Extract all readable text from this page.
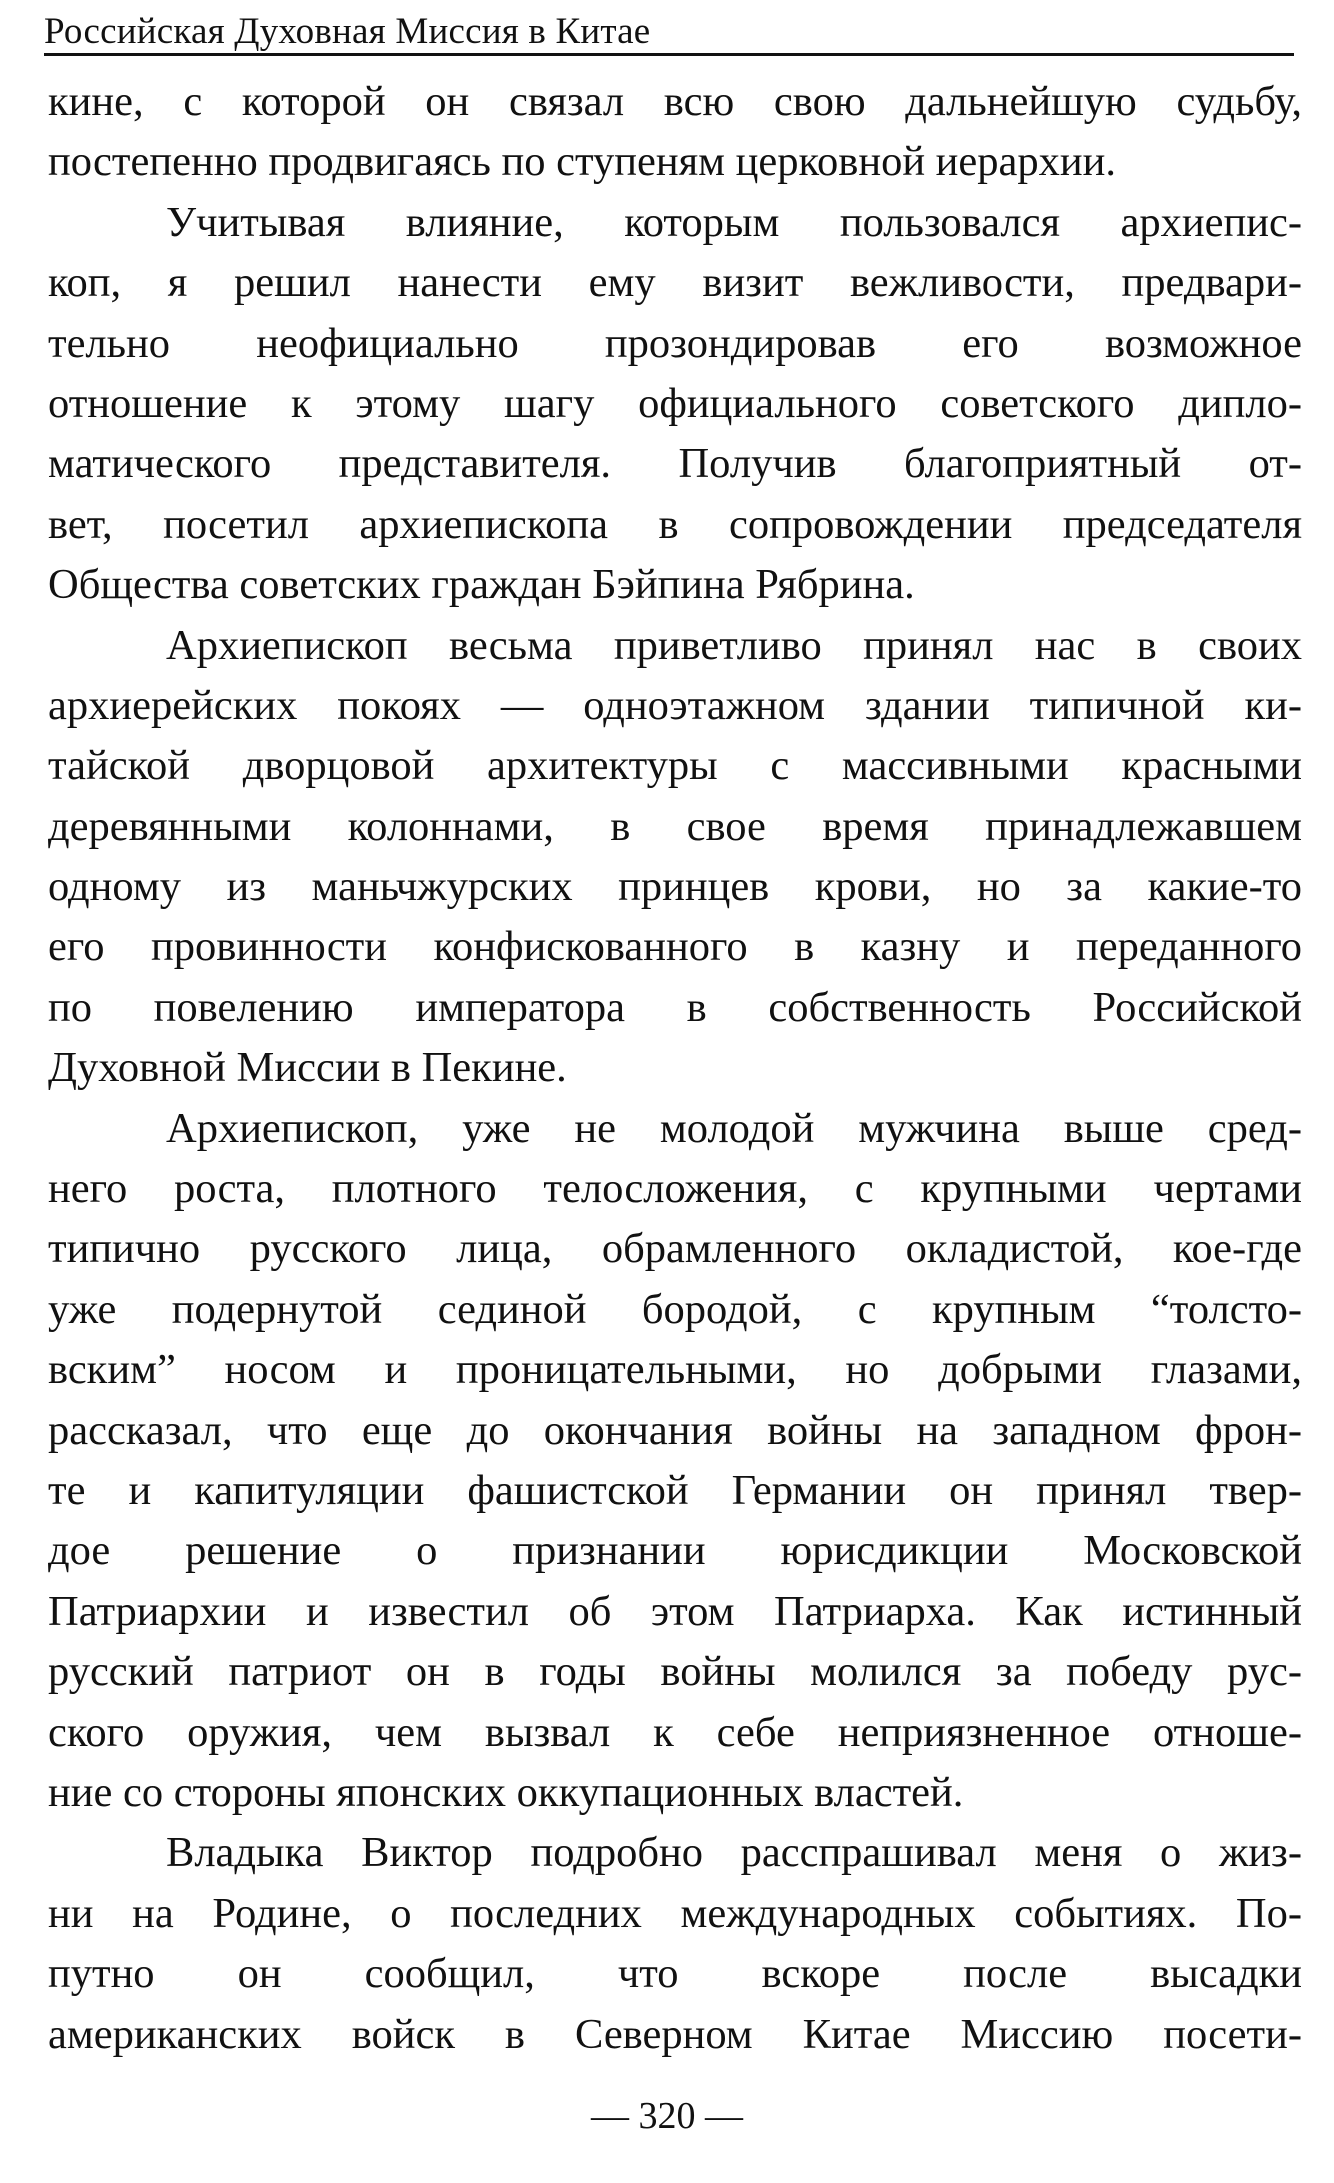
Российская Духовная Миссия в Китае
кине, с которой он связал всю свою дальнейшую судьбу,
постепенно продвигаясь по ступеням церковной иерархии.
Учитывая влияние, которым пользовался архиепис-
коп, я решил нанести ему визит вежливости, предвари-
тельно неофициально прозондировав его возможное
отношение к этому шагу официального советского дипло-
матического представителя. Получив благоприятный от-
вет, посетил архиепископа в сопровождении председателя
Общества советских граждан Бэйпина Рябрина.
Архиепископ весьма приветливо принял нас в своих
архиерейских покоях — одноэтажном здании типичной ки-
тайской дворцовой архитектуры с массивными красными
деревянными колоннами, в свое время принадлежавшем
одному из маньчжурских принцев крови, но за какие-то
его провинности конфискованного в казну и переданного
по повелению императора в собственность Российской
Духовной Миссии в Пекине.
Архиепископ, уже не молодой мужчина выше сред-
него роста, плотного телосложения, с крупными чертами
типично русского лица, обрамленного окладистой, кое-где
уже подернутой сединой бородой, с крупным “толсто-
вским” носом и проницательными, но добрыми глазами,
рассказал, что еще до окончания войны на западном фрон-
те и капитуляции фашистской Германии он принял твер-
дое решение о признании юрисдикции Московской
Патриархии и известил об этом Патриарха. Как истинный
русский патриот он в годы войны молился за победу рус-
ского оружия, чем вызвал к себе неприязненное отноше-
ние со стороны японских оккупационных властей.
Владыка Виктор подробно расспрашивал меня о жиз-
ни на Родине, о последних международных событиях. По-
путно он сообщил, что вскоре после высадки
американских войск в Северном Китае Миссию посети-
— 320 —
